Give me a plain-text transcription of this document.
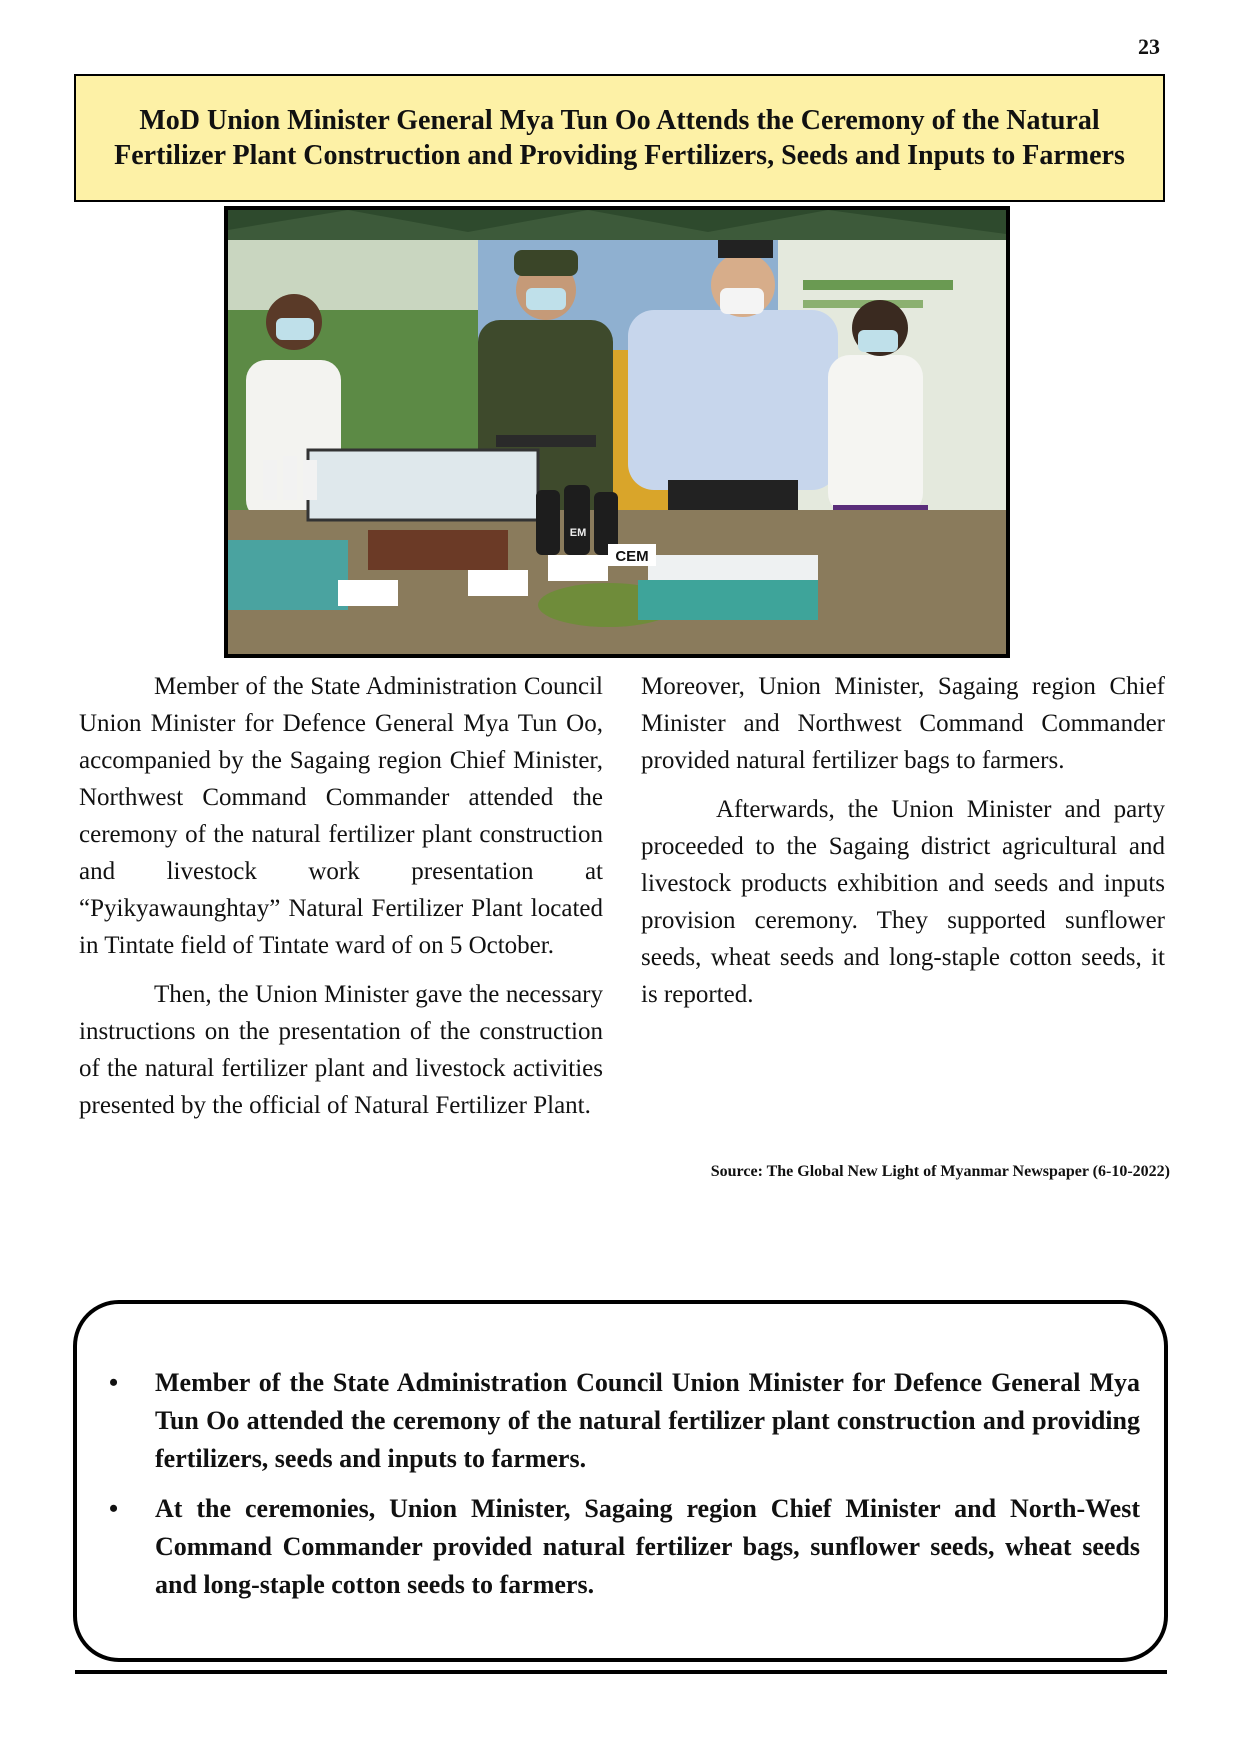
23
MoD Union Minister General Mya Tun Oo Attends the Ceremony of the Natural Fertilizer Plant Construction and Providing Fertilizers, Seeds and Inputs to Farmers
CEM
EM

Member of the State Administration Council Union Minister for Defence General Mya Tun Oo, accompanied by the Sagaing region Chief Minister, Northwest Command Commander attended the ceremony of the natural fertilizer plant construction and livestock work presentation at “Pyikyawaunghtay” Natural Fertilizer Plant located in Tintate field of Tintate ward of on 5 October.

Then, the Union Minister gave the necessary instructions on the presentation of the construction of the natural fertilizer plant and livestock activities presented by the official of Natural Fertilizer Plant.

Moreover, Union Minister, Sagaing region Chief Minister and Northwest Command Commander provided natural fertilizer bags to farmers.

Afterwards, the Union Minister and party proceeded to the Sagaing district agricultural and livestock products exhibition and seeds and inputs provision ceremony. They supported sunflower seeds, wheat seeds and long-staple cotton seeds, it is reported.

Source: The Global New Light of Myanmar Newspaper (6-10-2022)
• Member of the State Administration Council Union Minister for Defence General Mya Tun Oo attended the ceremony of the natural fertilizer plant construction and providing fertilizers, seeds and inputs to farmers.
• At the ceremonies, Union Minister, Sagaing region Chief Minister and North-West Command Commander provided natural fertilizer bags, sunflower seeds, wheat seeds and long-staple cotton seeds to farmers.
